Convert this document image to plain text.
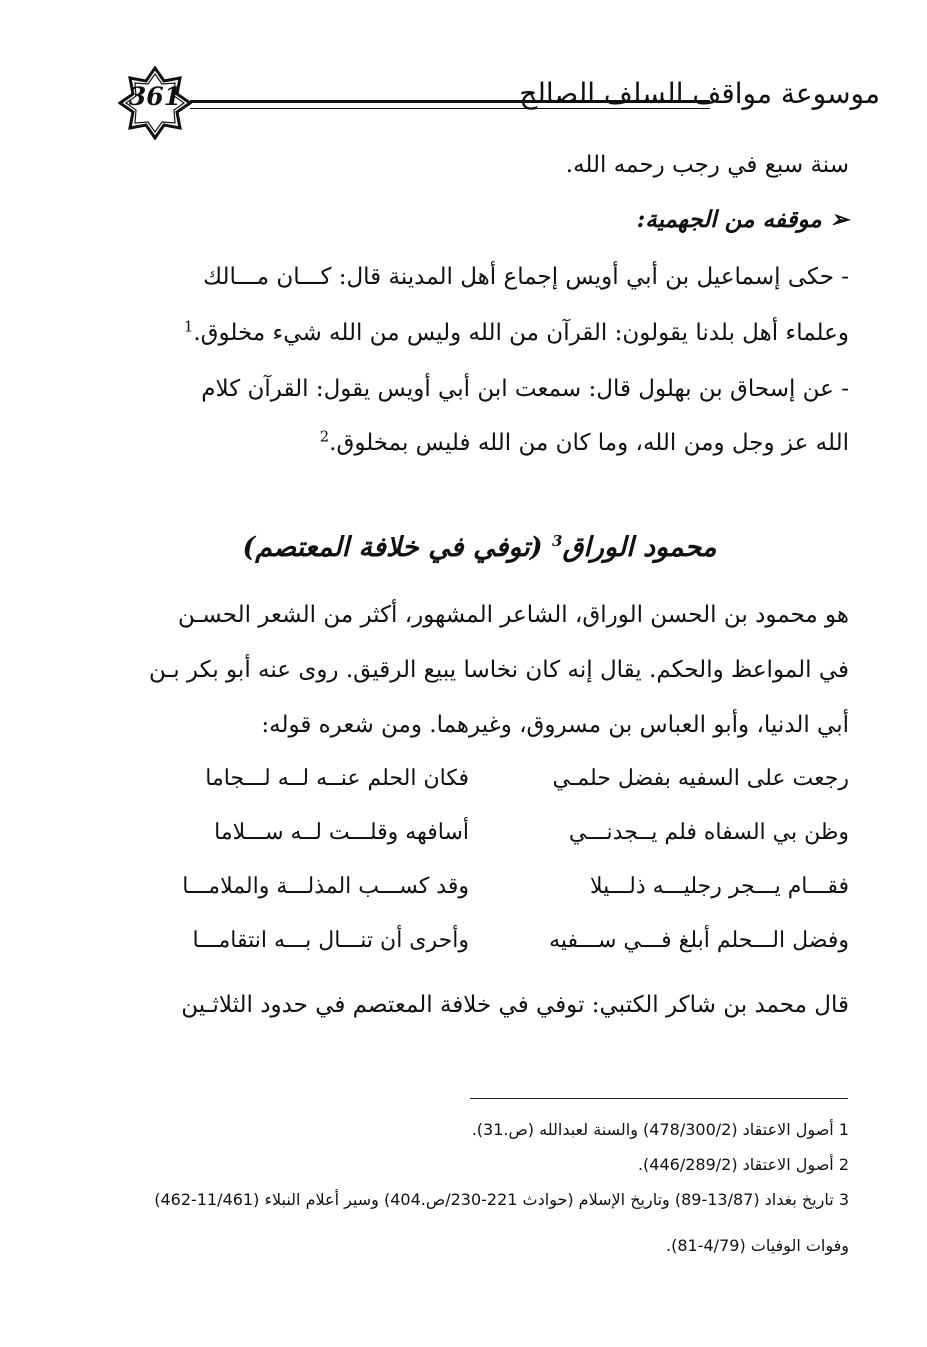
361	موسوعة مواقف السلف الصالح
سنة سبع في رجب رحمه الله.
➢ موقفه من الجهمية:
- حكى إسماعيل بن أبي أويس إجماع أهل المدينة قال: كـــان مـــالك
وعلماء أهل بلدنا يقولون: القرآن من الله وليس من الله شيء مخلوق.$^1$
- عن إسحاق بن بهلول قال: سمعت ابن أبي أويس يقول: القرآن كلام
الله عز وجل ومن الله، وما كان من الله فليس بمخلوق.$^2$
محمود الوراق$^3$ (توفي في خلافة المعتصم)
هو محمود بن الحسن الوراق، الشاعر المشهور، أكثر من الشعر الحسـن
في المواعظ والحكم. يقال إنه كان نخاسا يبيع الرقيق. روى عنه أبو بكر بـن
أبي الدنيا، وأبو العباس بن مسروق، وغيرهما. ومن شعره قوله:
رجعت على السفيه بفضل حلمـي
فكان الحلم عنــه لــه لـــجاما
وظن بي السفاه فلم يــجدنـــي
أسافهه وقلـــت لــه ســـلاما
فقـــام يـــجر رجليـــه ذلـــيلا
وقد كســـب المذلـــة والملامـــا
وفضل الـــحلم أبلغ فـــي ســـفيه
وأحرى أن تنـــال بـــه انتقامـــا
قال محمد بن شاكر الكتبي: توفي في خلافة المعتصم في حدود الثلاثـين
1 أصول الاعتقاد (478/300/2) والسنة لعبدالله (ص.31).
2 أصول الاعتقاد (446/289/2).
3 تاريخ بغداد (13/87-89) وتاريخ الإسلام (حوادث 221-230/ص.404) وسير أعلام النبلاء (11/461-462)
وفوات الوفيات (4/79-81).
